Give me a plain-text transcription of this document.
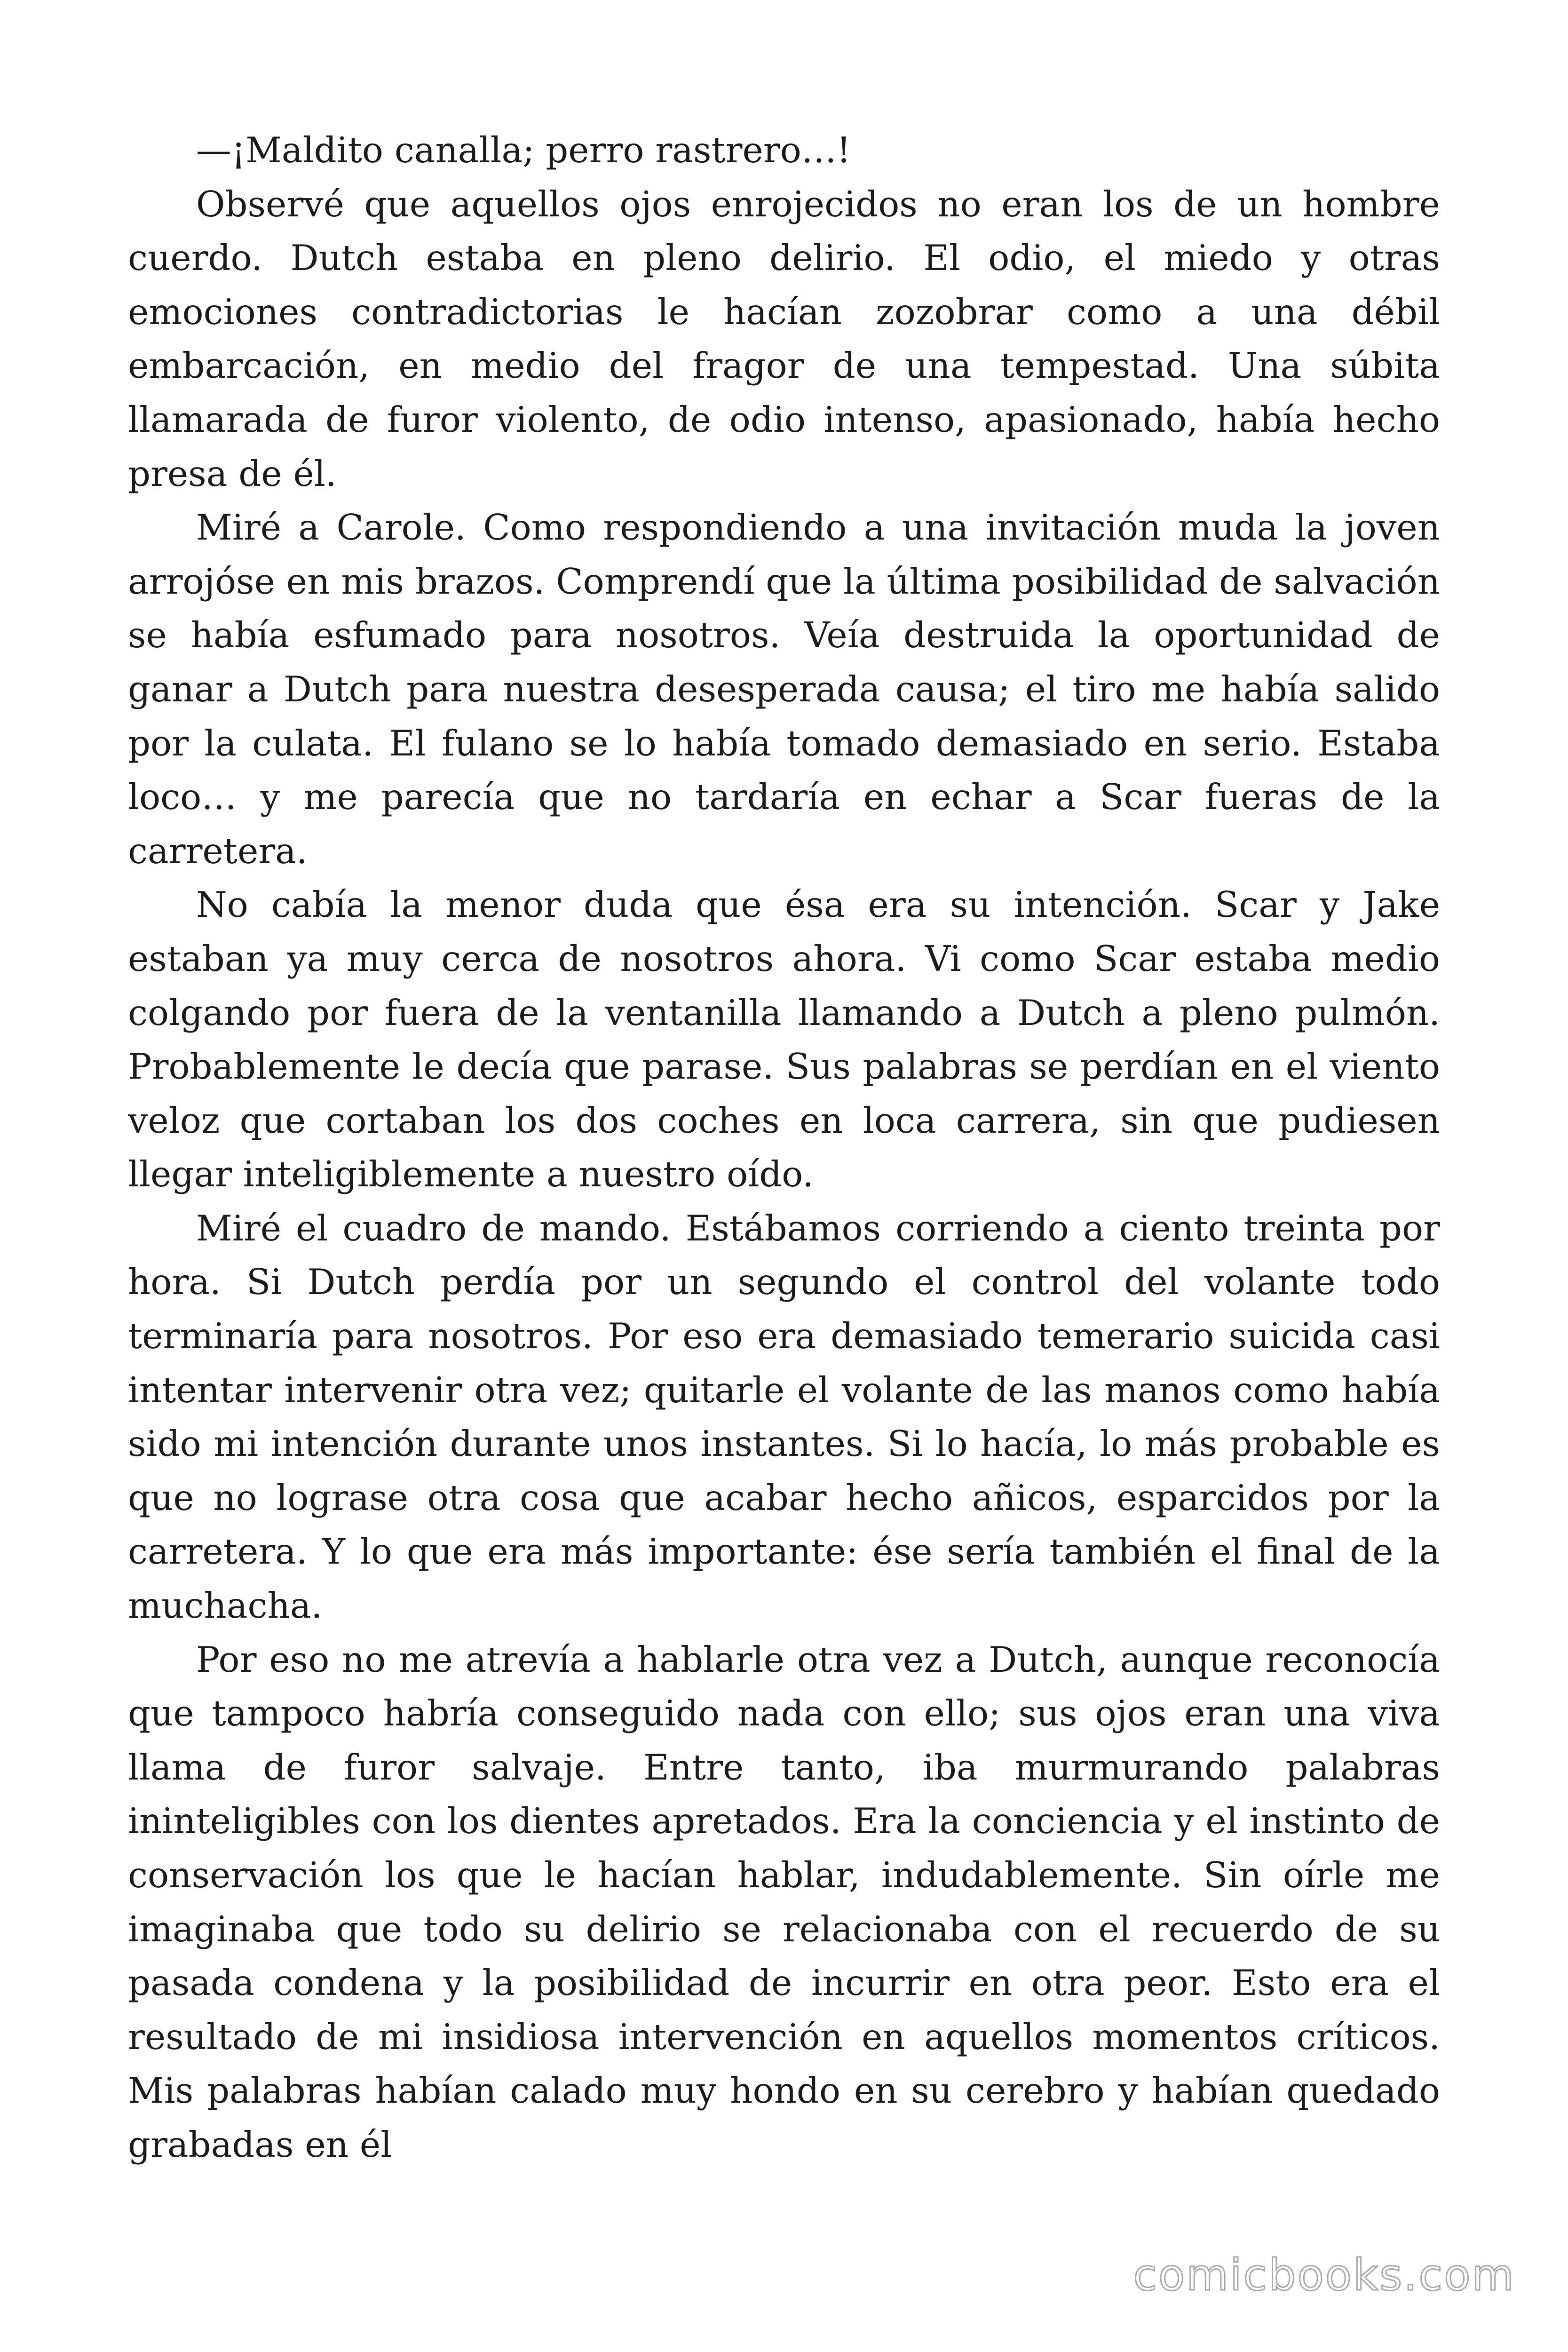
—¡Maldito canalla; perro rastrero…!

Observé que aquellos ojos enrojecidos no eran los de un hombre cuerdo. Dutch estaba en pleno delirio. El odio, el miedo y otras emociones contradictorias le hacían zozobrar como a una débil embarcación, en medio del fragor de una tempestad. Una súbita llamarada de furor violento, de odio intenso, apasionado, había hecho presa de él.

Miré a Carole. Como respondiendo a una invitación muda la joven arrojóse en mis brazos. Comprendí que la última posibilidad de salvación se había esfumado para nosotros. Veía destruida la oportunidad de ganar a Dutch para nuestra desesperada causa; el tiro me había salido por la culata. El fulano se lo había tomado demasiado en serio. Estaba loco… y me parecía que no tardaría en echar a Scar fueras de la carretera.

No cabía la menor duda que ésa era su intención. Scar y Jake estaban ya muy cerca de nosotros ahora. Vi como Scar estaba medio colgando por fuera de la ventanilla llamando a Dutch a pleno pulmón. Probablemente le decía que parase. Sus palabras se perdían en el viento veloz que cortaban los dos coches en loca carrera, sin que pudiesen llegar inteligiblemente a nuestro oído.

Miré el cuadro de mando. Estábamos corriendo a ciento treinta por hora. Si Dutch perdía por un segundo el control del volante todo terminaría para nosotros. Por eso era demasiado temerario suicida casi intentar intervenir otra vez; quitarle el volante de las manos como había sido mi intención durante unos instantes. Si lo hacía, lo más probable es que no lograse otra cosa que acabar hecho añicos, esparcidos por la carretera. Y lo que era más importante: ése sería también el final de la muchacha.

Por eso no me atrevía a hablarle otra vez a Dutch, aunque reconocía que tampoco habría conseguido nada con ello; sus ojos eran una viva llama de furor salvaje. Entre tanto, iba murmurando palabras ininteligibles con los dientes apretados. Era la conciencia y el instinto de conservación los que le hacían hablar, indudablemente. Sin oírle me imaginaba que todo su delirio se relacionaba con el recuerdo de su pasada condena y la posibilidad de incurrir en otra peor. Esto era el resultado de mi insidiosa intervención en aquellos momentos críticos. Mis palabras habían calado muy hondo en su cerebro y habían quedado grabadas en él

comicbooks.com
